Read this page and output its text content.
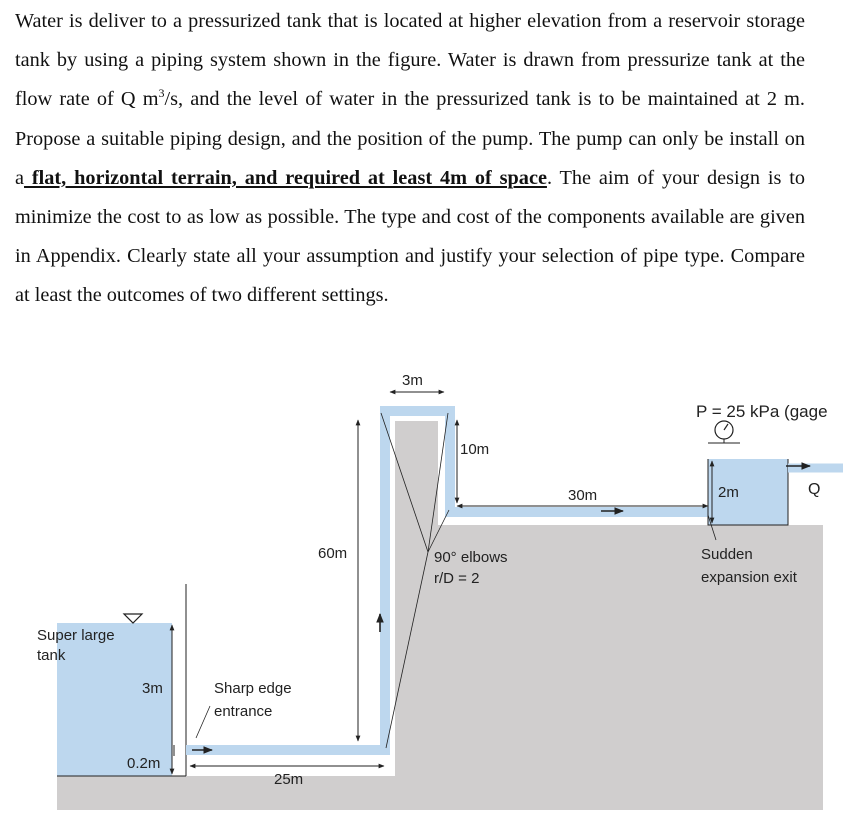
Water is deliver to a pressurized tank that is located at higher elevation from a reservoir storage tank by using a piping system shown in the figure. Water is drawn from pressurize tank at the flow rate of Q $m^3/s$, and the level of water in the pressurized tank is to be maintained at 2 m. Propose a suitable piping design, and the position of the pump. The pump can only be install on a flat, horizontal terrain, and required at least 4m of space. The aim of your design is to minimize the cost to as low as possible. The type and cost of the components available are given in Appendix. Clearly state all your assumption and justify your selection of pipe type. Compare at least the outcomes of two different settings.
3m
P = 25 kPa (gage
10m
30m	2m	Q
60m	90° elbows
r/D = 2
Sudden
expansion exit
Super large
tank
3m	Sharp edge
entrance
0.2m
25m
